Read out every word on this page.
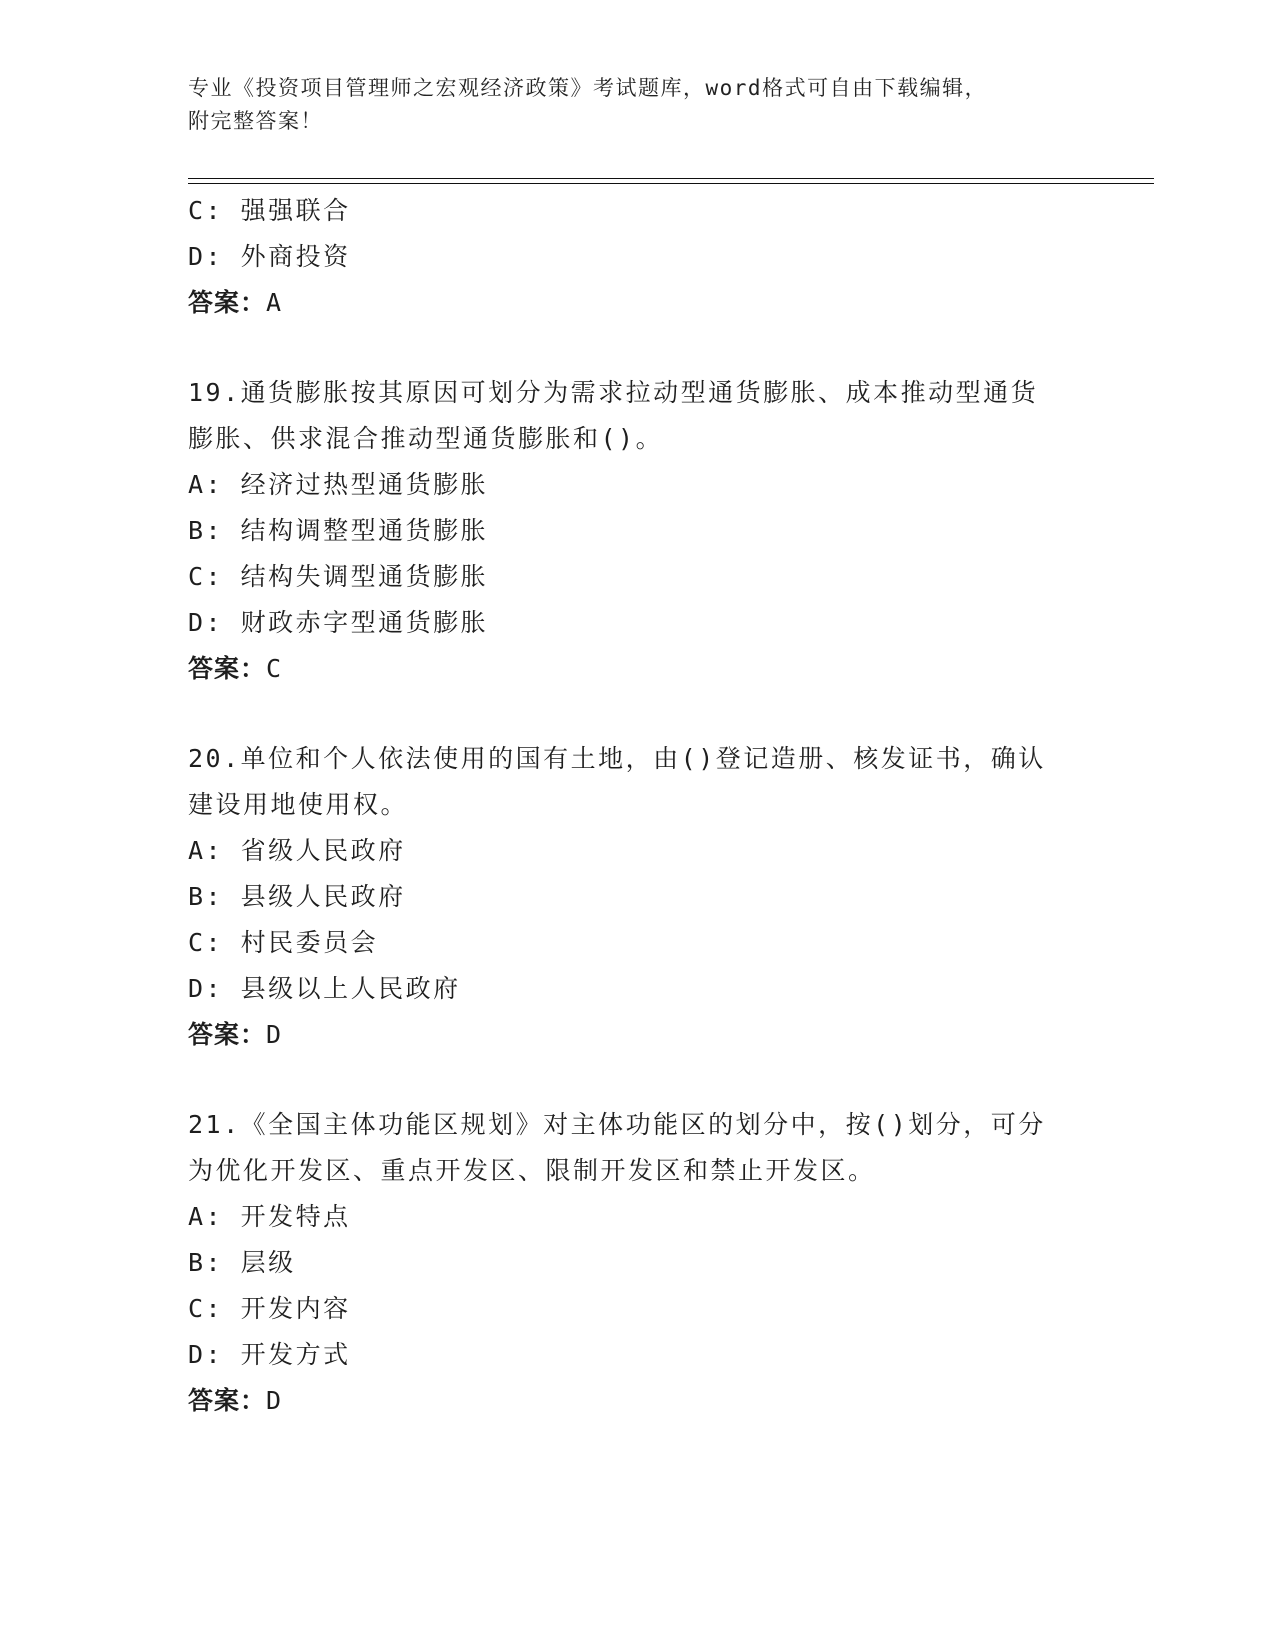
专业《投资项目管理师之宏观经济政策》考试题库，word格式可自由下载编辑，
附完整答案！
C: 强强联合
D: 外商投资
答案：A
19.通货膨胀按其原因可划分为需求拉动型通货膨胀、成本推动型通货
膨胀、供求混合推动型通货膨胀和()。
A: 经济过热型通货膨胀
B: 结构调整型通货膨胀
C: 结构失调型通货膨胀
D: 财政赤字型通货膨胀
答案：C
20.单位和个人依法使用的国有土地，由()登记造册、核发证书，确认
建设用地使用权。
A: 省级人民政府
B: 县级人民政府
C: 村民委员会
D: 县级以上人民政府
答案：D
21.《全国主体功能区规划》对主体功能区的划分中，按()划分，可分
为优化开发区、重点开发区、限制开发区和禁止开发区。
A: 开发特点
B: 层级
C: 开发内容
D: 开发方式
答案：D
